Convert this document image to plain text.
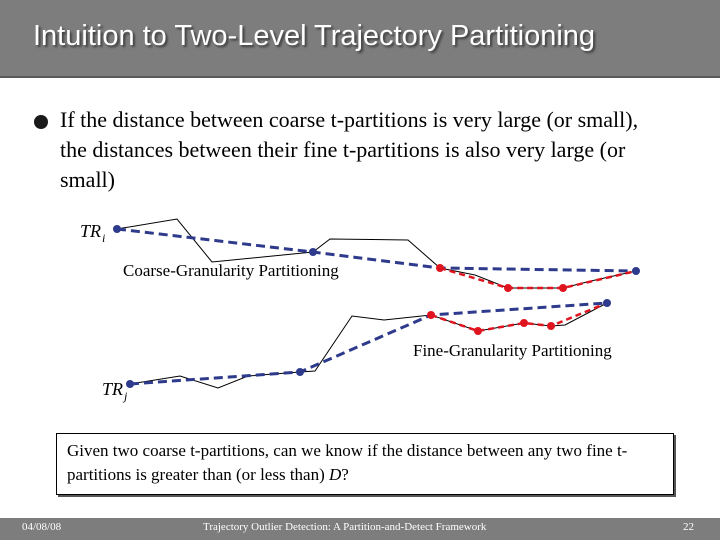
Intuition to Two-Level Trajectory Partitioning
If the distance between coarse t-partitions is very large (or small), the distances between their fine t-partitions is also very large (or small)
$TR_i$
Coarse-Granularity Partitioning
Fine-Granularity Partitioning
$TR_j$
Given two coarse t-partitions, can we know if the distance between any two fine t-partitions is greater than (or less than) D?
04/08/08	Trajectory Outlier Detection: A Partition-and-Detect Framework	22
